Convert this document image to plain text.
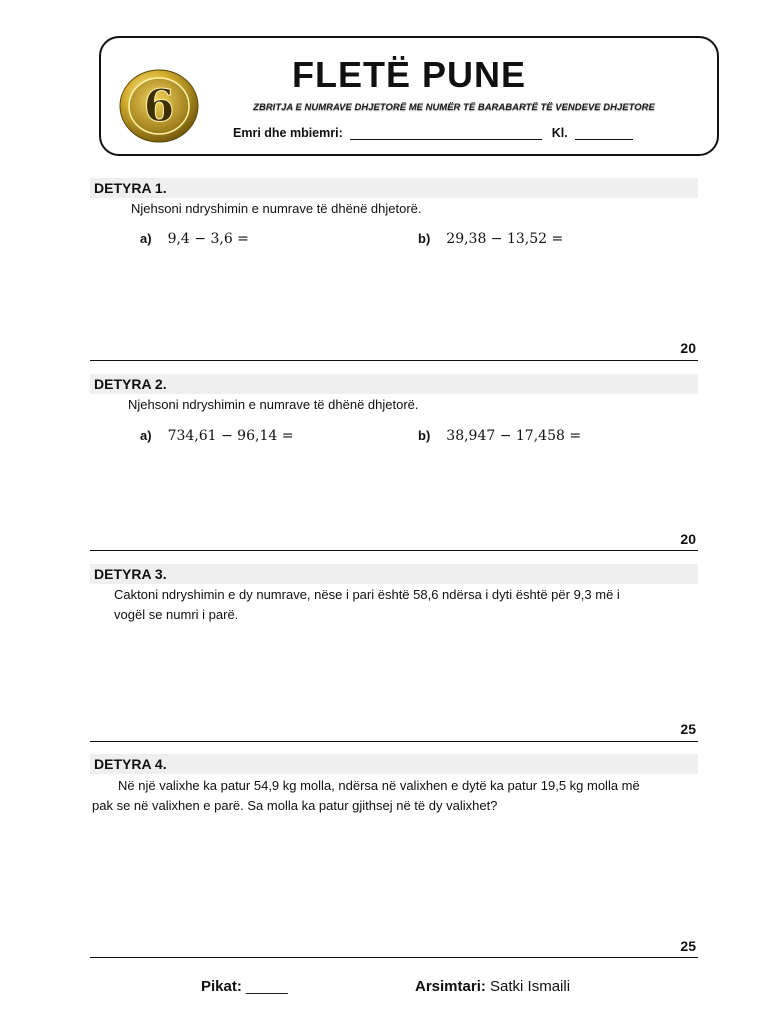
6
FLETË PUNE
ZBRITJA E NUMRAVE DHJETORË ME NUMËR TË BARABARTË TË VENDEVE DHJETORE
Emri dhe mbiemri:	Kl.
DETYRA 1.
Njehsoni ndryshimin e numrave të dhënë dhjetorë.
a) 9,4 − 3,6 =	b) 29,38 − 13,52 =
20
DETYRA 2.
Njehsoni ndryshimin e numrave të dhënë dhjetorë.
a) 734,61 − 96,14 =	b) 38,947 − 17,458 =
20
DETYRA 3.
Caktoni ndryshimin e dy numrave, nëse i pari është 58,6 ndërsa i dyti është për 9,3 më i
vogël se numri i parë.
25
DETYRA 4.
Në një valixhe ka patur 54,9 kg molla, ndërsa në valixhen e dytë ka patur 19,5 kg molla më
pak se në valixhen e parë. Sa molla ka patur gjithsej në të dy valixhet?
25
Pikat: _____	Arsimtari: Satki Ismaili
